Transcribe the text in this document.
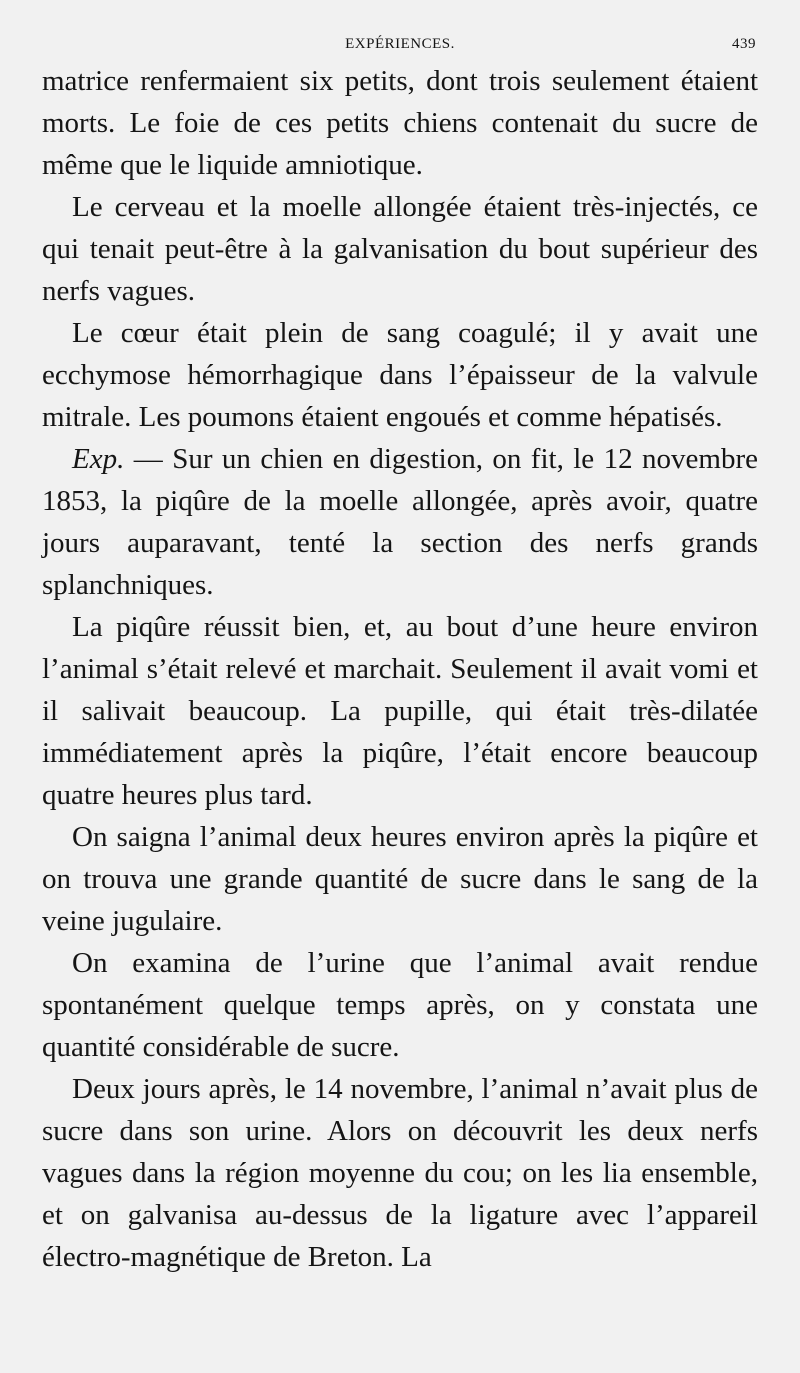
EXPÉRIENCES.	439

matrice renfermaient six petits, dont trois seulement étaient morts. Le foie de ces petits chiens contenait du sucre de même que le liquide amniotique.

Le cerveau et la moelle allongée étaient très-injectés, ce qui tenait peut-être à la galvanisation du bout supérieur des nerfs vagues.

Le cœur était plein de sang coagulé; il y avait une ecchymose hémorrhagique dans l’épaisseur de la valvule mitrale. Les poumons étaient engoués et comme hépatisés.

Exp. — Sur un chien en digestion, on fit, le 12 novembre 1853, la piqûre de la moelle allongée, après avoir, quatre jours auparavant, tenté la section des nerfs grands splanchniques.

La piqûre réussit bien, et, au bout d’une heure environ l’animal s’était relevé et marchait. Seulement il avait vomi et il salivait beaucoup. La pupille, qui était très-dilatée immédiatement après la piqûre, l’était encore beaucoup quatre heures plus tard.

On saigna l’animal deux heures environ après la piqûre et on trouva une grande quantité de sucre dans le sang de la veine jugulaire.

On examina de l’urine que l’animal avait rendue spontanément quelque temps après, on y constata une quantité considérable de sucre.

Deux jours après, le 14 novembre, l’animal n’avait plus de sucre dans son urine. Alors on découvrit les deux nerfs vagues dans la région moyenne du cou; on les lia ensemble, et on galvanisa au-dessus de la ligature avec l’appareil électro-magnétique de Breton. La
